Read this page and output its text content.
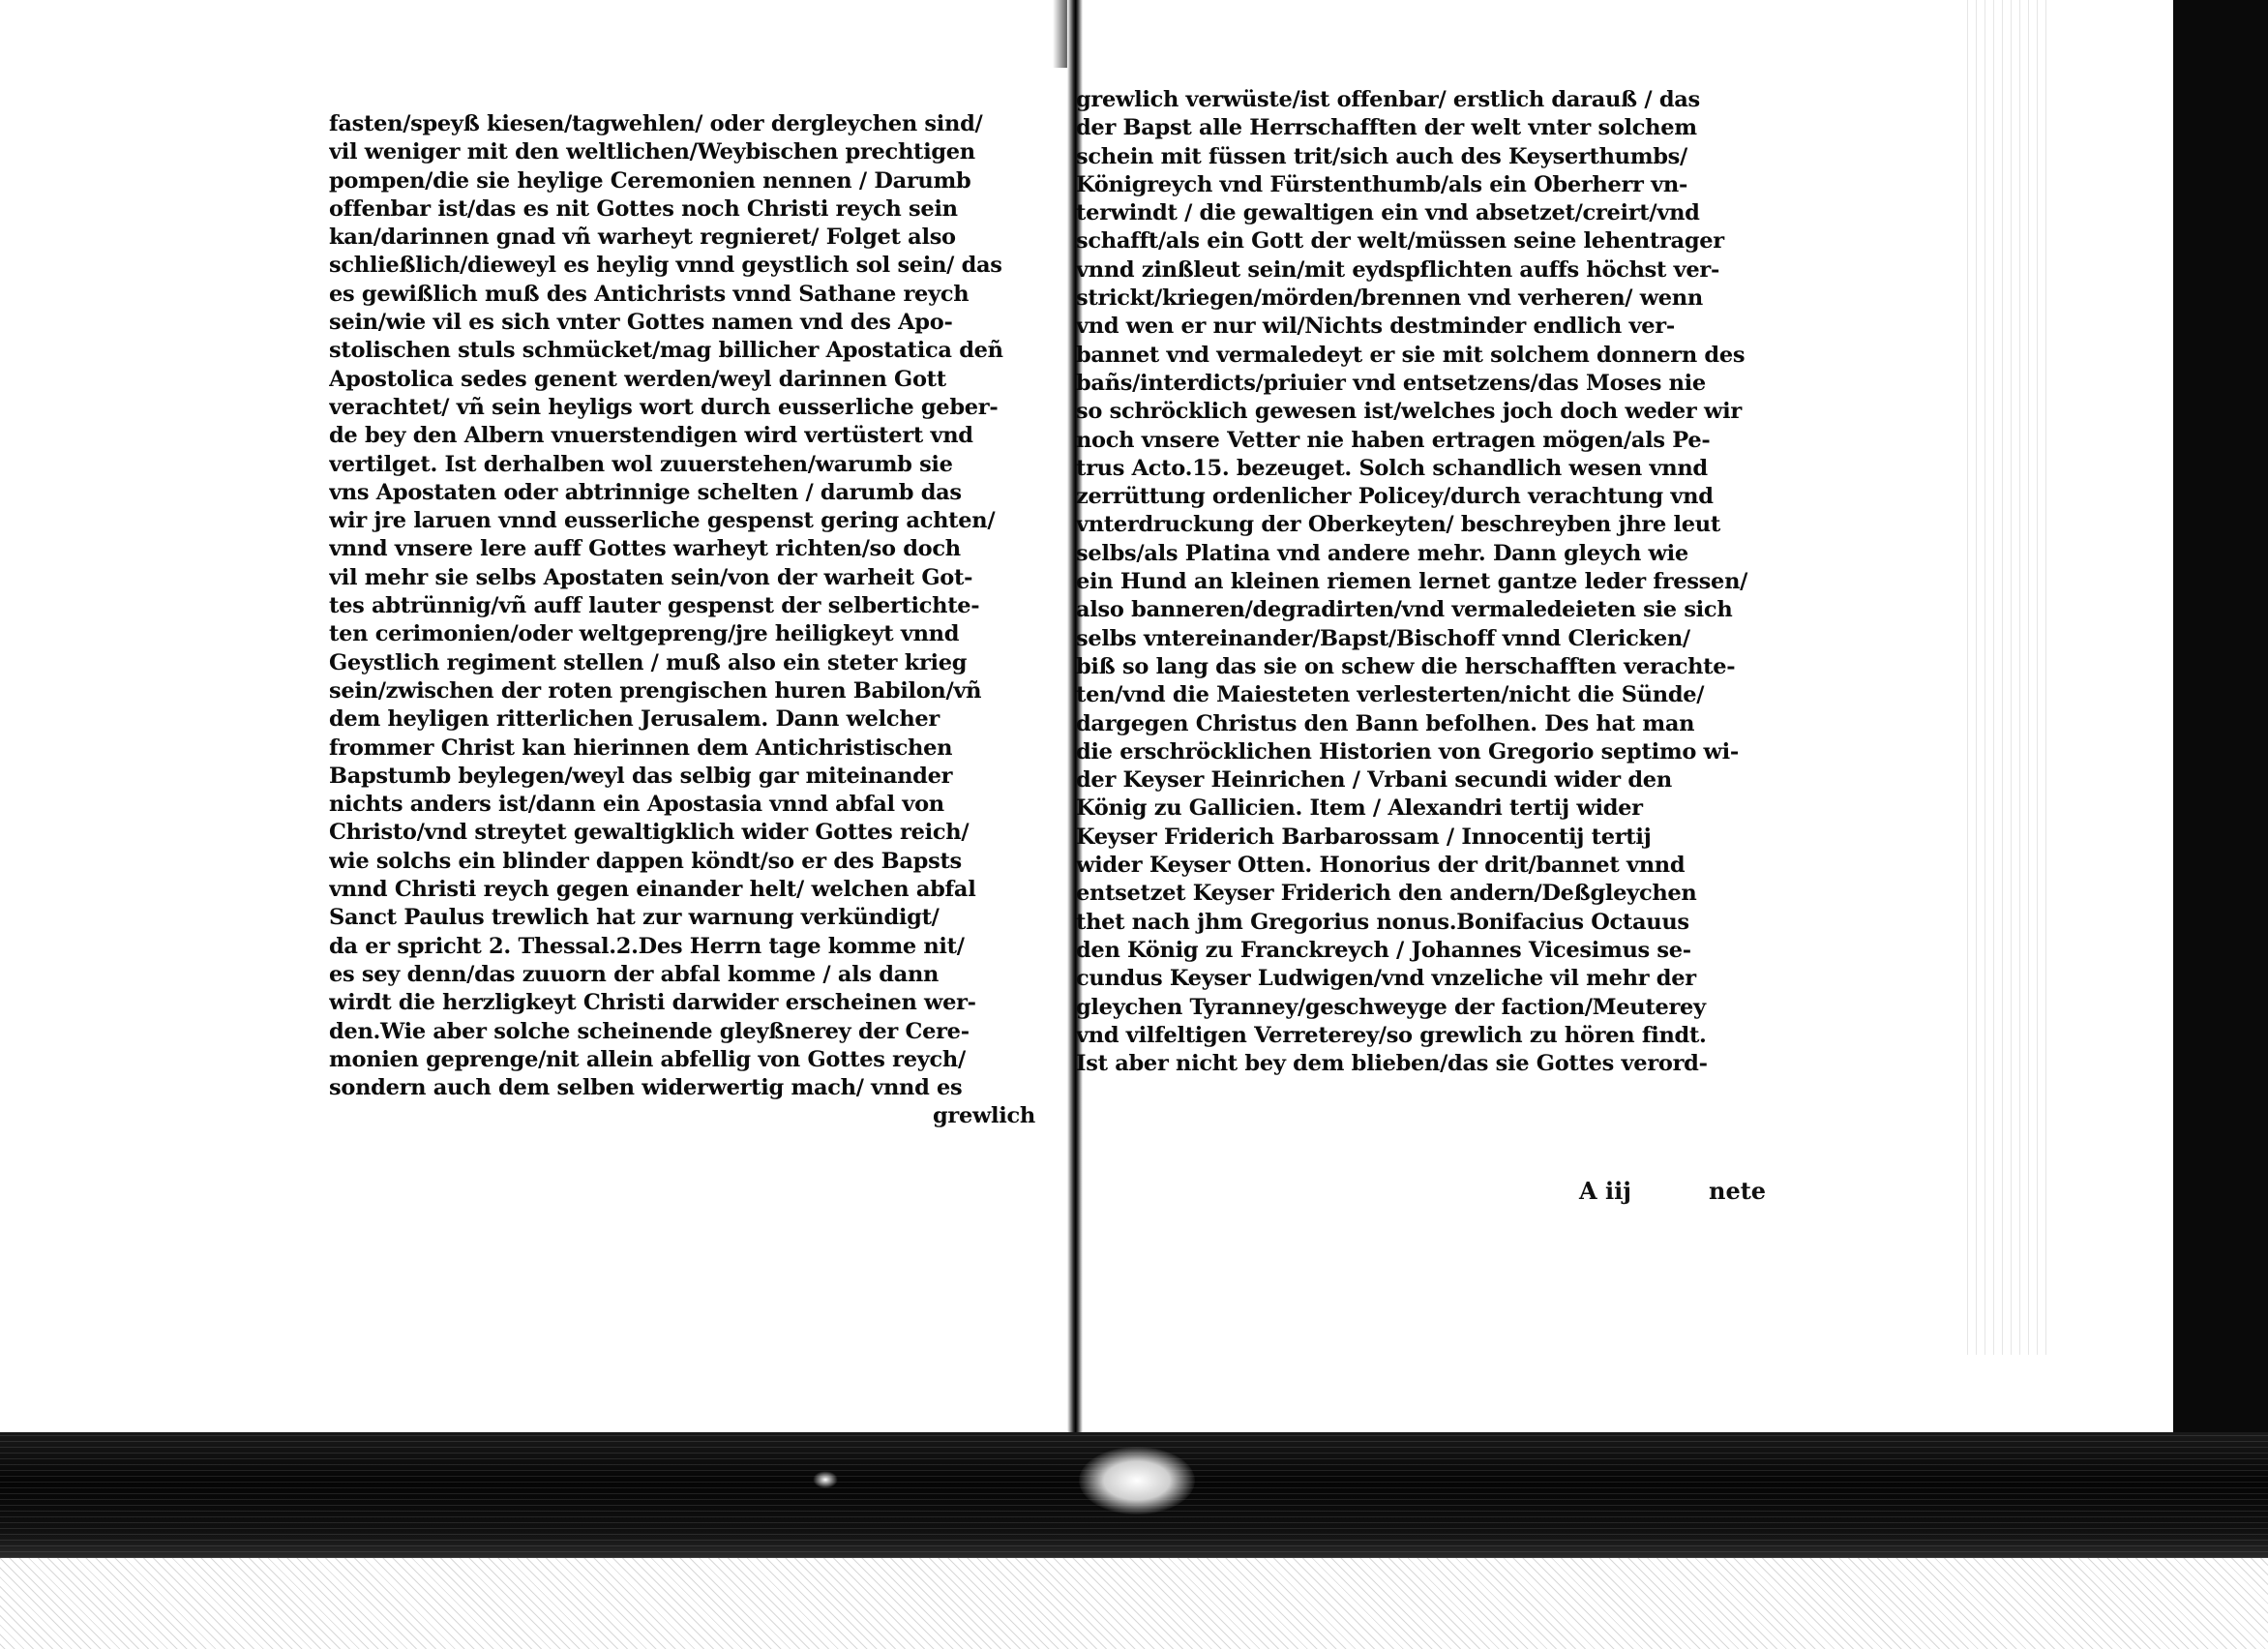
fasten/speyß kiesen/tagwehlen/ oder dergleychen sind/
vil weniger mit den weltlichen/Weybischen prechtigen
pompen/die sie heylige Ceremonien nennen / Darumb
offenbar ist/das es nit Gottes noch Christi reych sein
kan/darinnen gnad vñ warheyt regnieret/ Folget also
schließlich/dieweyl es heylig vnnd geystlich sol sein/ das
es gewißlich muß des Antichrists vnnd Sathane reych
sein/wie vil es sich vnter Gottes namen vnd des Apo-
stolischen stuls schmücket/mag billicher Apostatica deñ
Apostolica sedes genent werden/weyl darinnen Gott
verachtet/ vñ sein heyligs wort durch eusserliche geber-
de bey den Albern vnuerstendigen wird vertüstert vnd
vertilget. Ist derhalben wol zuuerstehen/warumb sie
vns Apostaten oder abtrinnige schelten / darumb das
wir jre laruen vnnd eusserliche gespenst gering achten/
vnnd vnsere lere auff Gottes warheyt richten/so doch
vil mehr sie selbs Apostaten sein/von der warheit Got-
tes abtrünnig/vñ auff lauter gespenst der selbertichte-
ten cerimonien/oder weltgepreng/jre heiligkeyt vnnd
Geystlich regiment stellen / muß also ein steter krieg
sein/zwischen der roten prengischen huren Babilon/vñ
dem heyligen ritterlichen Jerusalem. Dann welcher
frommer Christ kan hierinnen dem Antichristischen
Bapstumb beylegen/weyl das selbig gar miteinander
nichts anders ist/dann ein Apostasia vnnd abfal von
Christo/vnd streytet gewaltigklich wider Gottes reich/
wie solchs ein blinder dappen köndt/so er des Bapsts
vnnd Christi reych gegen einander helt/ welchen abfal
Sanct Paulus trewlich hat zur warnung verkündigt/
da er spricht 2. Thessal.2.Des Herrn tage komme nit/
es sey denn/das zuuorn der abfal komme / als dann
wirdt die herzligkeyt Christi darwider erscheinen wer-
den.Wie aber solche scheinende gleyßnerey der Cere-
monien geprenge/nit allein abfellig von Gottes reych/
sondern auch dem selben widerwertig mach/ vnnd es
grewlich
grewlich verwüste/ist offenbar/ erstlich darauß / das
der Bapst alle Herrschafften der welt vnter solchem
schein mit füssen trit/sich auch des Keyserthumbs/
Königreych vnd Fürstenthumb/als ein Oberherr vn-
terwindt / die gewaltigen ein vnd absetzet/creirt/vnd
schafft/als ein Gott der welt/müssen seine lehentrager
vnnd zinßleut sein/mit eydspflichten auffs höchst ver-
strickt/kriegen/mörden/brennen vnd verheren/ wenn
vnd wen er nur wil/Nichts destminder endlich ver-
bannet vnd vermaledeyt er sie mit solchem donnern des
bañs/interdicts/priuier vnd entsetzens/das Moses nie
so schröcklich gewesen ist/welches joch doch weder wir
noch vnsere Vetter nie haben ertragen mögen/als Pe-
trus Acto.15. bezeuget. Solch schandlich wesen vnnd
zerrüttung ordenlicher Policey/durch verachtung vnd
vnterdruckung der Oberkeyten/ beschreyben jhre leut
selbs/als Platina vnd andere mehr. Dann gleych wie
ein Hund an kleinen riemen lernet gantze leder fressen/
also banneren/degradirten/vnd vermaledeieten sie sich
selbs vntereinander/Bapst/Bischoff vnnd Clericken/
biß so lang das sie on schew die herschafften verachte-
ten/vnd die Maiesteten verlesterten/nicht die Sünde/
dargegen Christus den Bann befolhen. Des hat man
die erschröcklichen Historien von Gregorio septimo wi-
der Keyser Heinrichen / Vrbani secundi wider den
König zu Gallicien. Item / Alexandri tertij wider
Keyser Friderich Barbarossam / Innocentij tertij
wider Keyser Otten. Honorius der drit/bannet vnnd
entsetzet Keyser Friderich den andern/Deßgleychen
thet nach jhm Gregorius nonus.Bonifacius Octauus
den König zu Franckreych / Johannes Vicesimus se-
cundus Keyser Ludwigen/vnd vnzeliche vil mehr der
gleychen Tyranney/geschweyge der faction/Meuterey
vnd vilfeltigen Verreterey/so grewlich zu hören findt.
Ist aber nicht bey dem blieben/das sie Gottes verord-
A iij	nete
